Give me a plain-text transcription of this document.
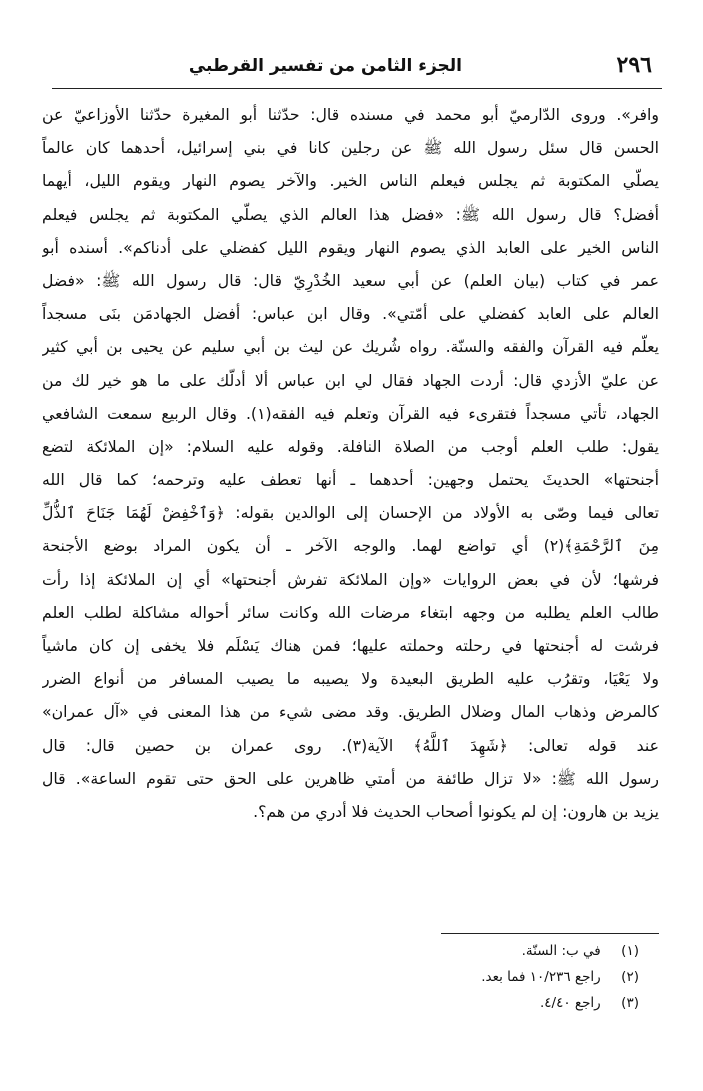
٢٩٦
الجزء الثامن من تفسير القرطبي
وافر». وروى الدّارميّ أبو محمد في مسنده قال: حدّثنا أبو المغيرة حدّثنا الأوزاعيّ عن
الحسن قال سئل رسول الله ﷺ عن رجلين كانا في بني إسرائيل، أحدهما كان عالماً
يصلّي المكتوبة ثم يجلس فيعلم الناس الخير. والآخر يصوم النهار ويقوم الليل، أيهما
أفضل؟ قال رسول الله ﷺ: «فضل هذا العالم الذي يصلّي المكتوبة ثم يجلس فيعلم
الناس الخير على العابد الذي يصوم النهار ويقوم الليل كفضلي على أدناكم». أسنده أبو
عمر في كتاب (بيان العلم) عن أبي سعيد الخُدْرِيّ قال: قال رسول الله ﷺ: «فضل
العالم على العابد كفضلي على أمّتي». وقال ابن عباس: أفضل الجهادمَن بنَى مسجداً
يعلّم فيه القرآن والفقه والسنّة. رواه شُريك عن ليث بن أبي سليم عن يحيى بن أبي كثير
عن عليّ الأزدي قال: أردت الجهاد فقال لي ابن عباس ألا أدلّك على ما هو خير لك من
الجهاد، تأتي مسجداً فتقرىء فيه القرآن وتعلم فيه الفقه(١). وقال الربيع سمعت الشافعي
يقول: طلب العلم أوجب من الصلاة النافلة. وقوله عليه السلام: «إن الملائكة لتضع
أجنحتها» الحديثَ يحتمل وجهين: أحدهما ـ أنها تعطف عليه وترحمه؛ كما قال الله
تعالى فيما وصّى به الأولاد من الإحسان إلى الوالدين بقوله: ﴿وَٱخْفِضْ لَهُمَا جَنَاحَ ٱلذُّلِّ
مِنَ ٱلرَّحْمَةِ﴾(٢) أي تواضع لهما. والوجه الآخر ـ أن يكون المراد بوضع الأجنحة
فرشها؛ لأن في بعض الروايات «وإن الملائكة تفرش أجنحتها» أي إن الملائكة إذا رأت
طالب العلم يطلبه من وجهه ابتغاء مرضات الله وكانت سائر أحواله مشاكلة لطلب العلم
فرشت له أجنحتها في رحلته وحملته عليها؛ فمن هناك يَسْلَم فلا يخفى إن كان ماشياً
ولا يَعْيَا، وتقرُب عليه الطريق البعيدة ولا يصيبه ما يصيب المسافر من أنواع الضرر
كالمرض وذهاب المال وضلال الطريق. وقد مضى شيء من هذا المعنى في «آل عمران»
عند قوله تعالى: ﴿شَهِدَ ٱللَّهُ﴾ الآية(٣). روى عمران بن حصين قال: قال
رسول الله ﷺ: «لا تزال طائفة من أمتي ظاهرين على الحق حتى تقوم الساعة». قال
يزيد بن هارون: إن لم يكونوا أصحاب الحديث فلا أدري من هم؟.
(١) في ب: السنّة.
(٢) راجع ١٠/٢٣٦ فما بعد.
(٣) راجع ٤/٤٠.
